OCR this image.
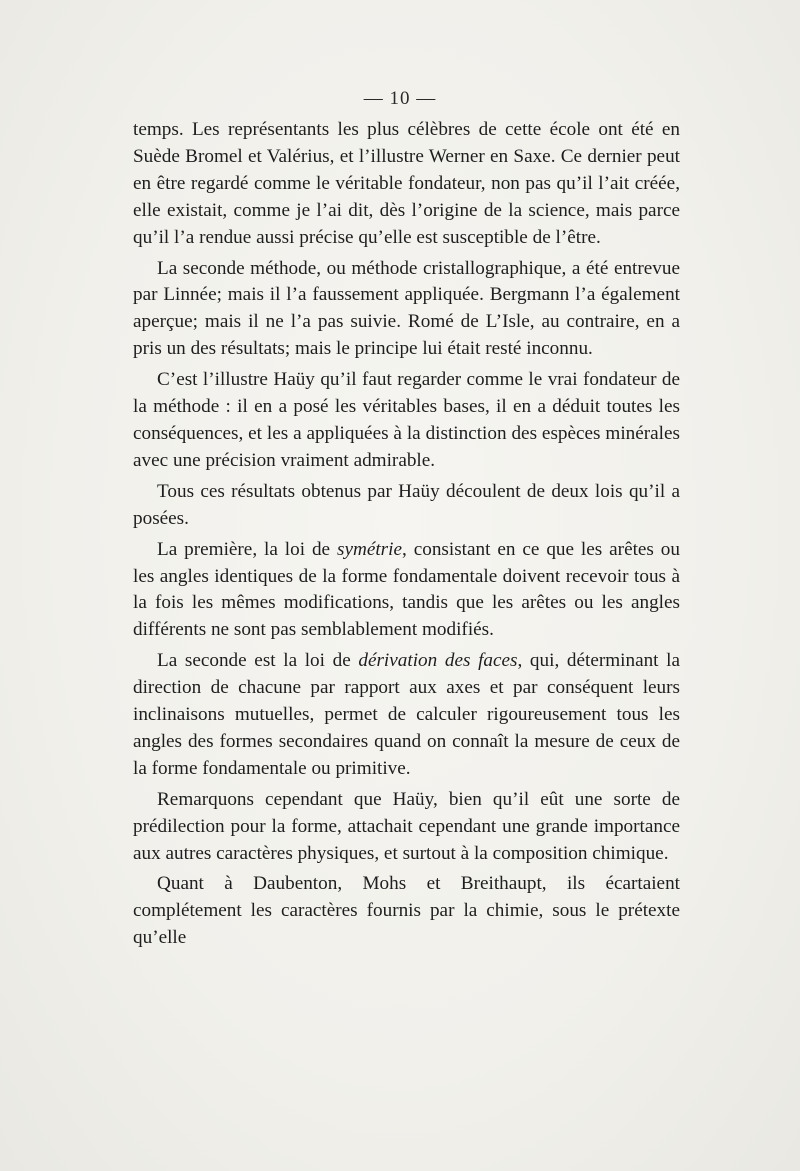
— 10 —

temps. Les représentants les plus célèbres de cette école ont été en Suède Bromel et Valérius, et l’illustre Werner en Saxe. Ce dernier peut en être regardé comme le véritable fondateur, non pas qu’il l’ait créée, elle existait, comme je l’ai dit, dès l’origine de la science, mais parce qu’il l’a rendue aussi précise qu’elle est susceptible de l’être.

La seconde méthode, ou méthode cristallographique, a été entrevue par Linnée; mais il l’a faussement appliquée. Bergmann l’a également aperçue; mais il ne l’a pas suivie. Romé de L’Isle, au contraire, en a pris un des résultats; mais le principe lui était resté inconnu.

C’est l’illustre Haüy qu’il faut regarder comme le vrai fondateur de la méthode : il en a posé les véritables bases, il en a déduit toutes les conséquences, et les a appliquées à la distinction des espèces minérales avec une précision vraiment admirable.

Tous ces résultats obtenus par Haüy découlent de deux lois qu’il a posées.

La première, la loi de symétrie, consistant en ce que les arêtes ou les angles identiques de la forme fondamentale doivent recevoir tous à la fois les mêmes modifications, tandis que les arêtes ou les angles différents ne sont pas semblablement modifiés.

La seconde est la loi de dérivation des faces, qui, déterminant la direction de chacune par rapport aux axes et par conséquent leurs inclinaisons mutuelles, permet de calculer rigoureusement tous les angles des formes secondaires quand on connaît la mesure de ceux de la forme fondamentale ou primitive.

Remarquons cependant que Haüy, bien qu’il eût une sorte de prédilection pour la forme, attachait cependant une grande importance aux autres caractères physiques, et surtout à la composition chimique.

Quant à Daubenton, Mohs et Breithaupt, ils écartaient complétement les caractères fournis par la chimie, sous le prétexte qu’elle
